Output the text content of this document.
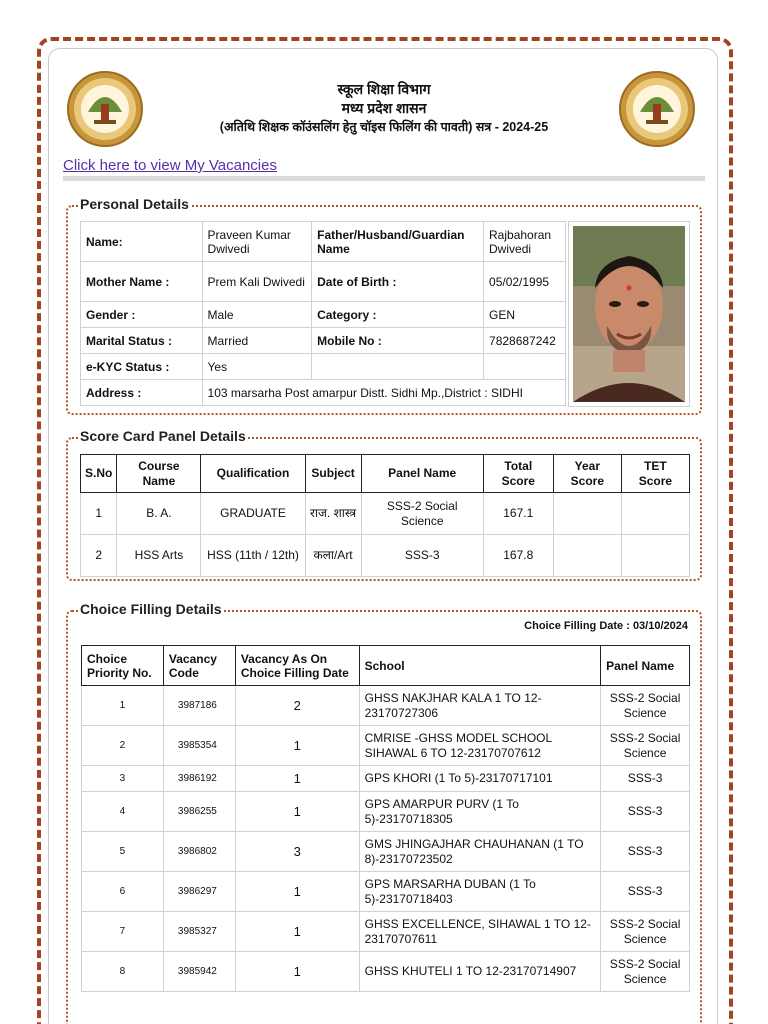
स्कूल शिक्षा विभाग
मध्य प्रदेश शासन
(अतिथि शिक्षक कॉउंसलिंग हेतु चॉइस फिलिंग की पावती) सत्र - 2024-25
Click here to view My Vacancies
Personal Details
Name:	Praveen Kumar Dwivedi	Father/Husband/Guardian Name	Rajbahoran Dwivedi
Mother Name :	Prem Kali Dwivedi	Date of Birth :	05/02/1995
Gender :	Male	Category :	GEN
Marital Status :	Married	Mobile No :	7828687242
e-KYC Status :	Yes		
Address :	103 marsarha Post amarpur Distt. Sidhi Mp.,District : SIDHI		
Score Card Panel Details
S.No	Course Name	Qualification	Subject	Panel Name	Total Score	Year Score	TET Score
1	B. A.	GRADUATE	राज. शास्त्र	SSS-2 Social Science	167.1		
2	HSS Arts	HSS (11th / 12th)	कला/Art	SSS-3	167.8		
Choice Filling Details
Choice Filling Date : 03/10/2024
Choice Priority No.	Vacancy Code	Vacancy As On Choice Filling Date	School	Panel Name
1	3987186	2	GHSS NAKJHAR KALA 1 TO 12-23170727306	SSS-2 Social Science
2	3985354	1	CMRISE -GHSS MODEL SCHOOL SIHAWAL 6 TO 12-23170707612	SSS-2 Social Science
3	3986192	1	GPS KHORI (1 To 5)-23170717101	SSS-3
4	3986255	1	GPS AMARPUR PURV (1 To 5)-23170718305	SSS-3
5	3986802	3	GMS JHINGAJHAR CHAUHANAN (1 TO 8)-23170723502	SSS-3
6	3986297	1	GPS MARSARHA DUBAN (1 To 5)-23170718403	SSS-3
7	3985327	1	GHSS EXCELLENCE, SIHAWAL 1 TO 12-23170707611	SSS-2 Social Science
8	3985942	1	GHSS KHUTELI 1 TO 12-23170714907	SSS-2 Social Science
